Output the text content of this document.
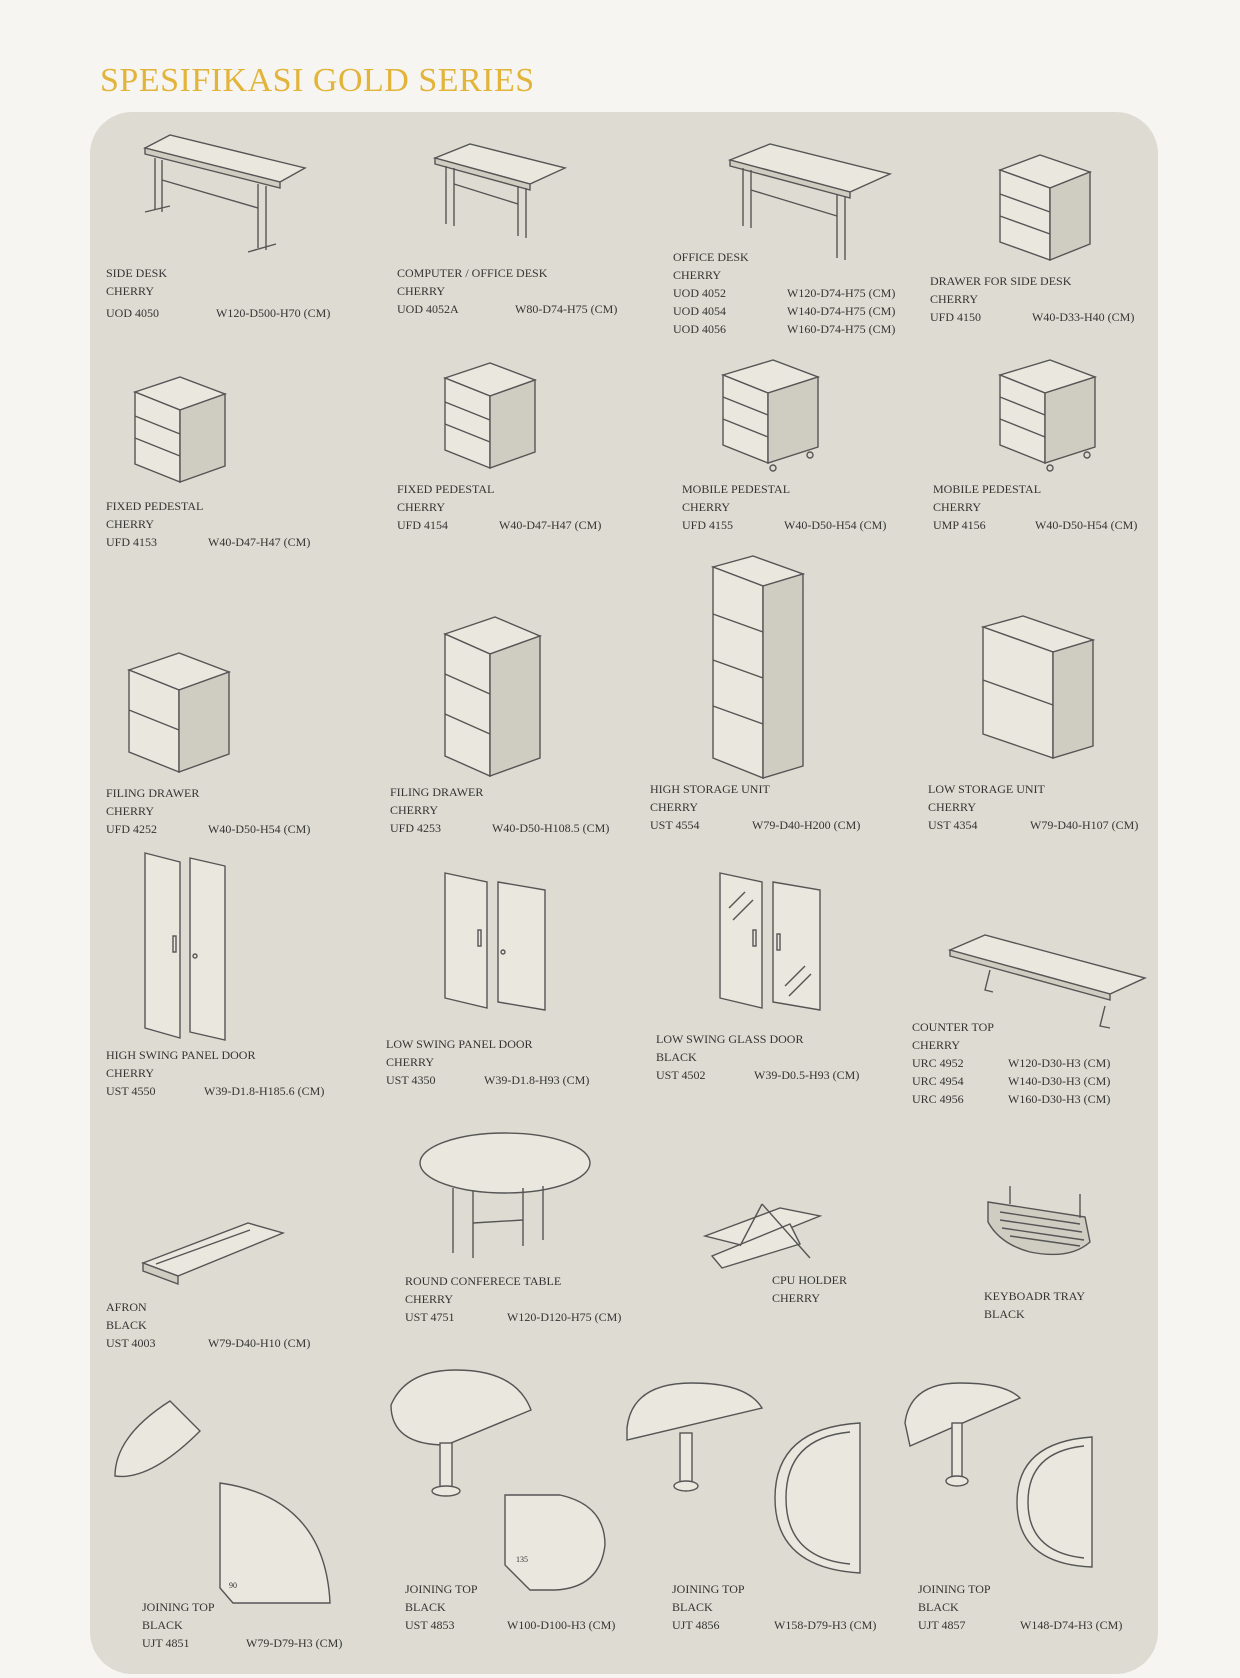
SPESIFIKASI GOLD SERIES
SIDE DESK
CHERRY
UOD 4050	W120-D500-H70 (CM)
COMPUTER / OFFICE DESK
CHERRY
UOD 4052A	W80-D74-H75 (CM)
OFFICE DESK
CHERRY
UOD 4052	W120-D74-H75 (CM)
UOD 4054	W140-D74-H75 (CM)
UOD 4056	W160-D74-H75 (CM)
DRAWER FOR SIDE DESK
CHERRY
UFD 4150	W40-D33-H40 (CM)
FIXED PEDESTAL
CHERRY
UFD 4153	W40-D47-H47 (CM)
FIXED PEDESTAL
CHERRY
UFD 4154	W40-D47-H47 (CM)
MOBILE PEDESTAL
CHERRY
UFD 4155	W40-D50-H54 (CM)
MOBILE PEDESTAL
CHERRY
UMP 4156	W40-D50-H54 (CM)
FILING DRAWER
CHERRY
UFD 4252	W40-D50-H54 (CM)
FILING DRAWER
CHERRY
UFD 4253	W40-D50-H108.5 (CM)
HIGH STORAGE UNIT
CHERRY
UST 4554	W79-D40-H200 (CM)
LOW STORAGE UNIT
CHERRY
UST 4354	W79-D40-H107 (CM)
HIGH SWING PANEL DOOR
CHERRY
UST 4550	W39-D1.8-H185.6 (CM)
LOW SWING PANEL DOOR
CHERRY
UST 4350	W39-D1.8-H93 (CM)
LOW SWING GLASS DOOR
BLACK
UST 4502	W39-D0.5-H93 (CM)
COUNTER TOP
CHERRY
URC 4952	W120-D30-H3 (CM)
URC 4954	W140-D30-H3 (CM)
URC 4956	W160-D30-H3 (CM)
AFRON
BLACK
UST 4003	W79-D40-H10 (CM)
ROUND CONFERECE TABLE
CHERRY
UST 4751	W120-D120-H75 (CM)
CPU HOLDER
CHERRY	KEYBOADR TRAY
BLACK
90
JOINING TOP
BLACK
UJT 4851	W79-D79-H3 (CM)
135
JOINING TOP
BLACK
UST 4853	W100-D100-H3 (CM)
JOINING TOP
BLACK
UJT 4856	W158-D79-H3 (CM)
JOINING TOP
BLACK
UJT 4857	W148-D74-H3 (CM)
